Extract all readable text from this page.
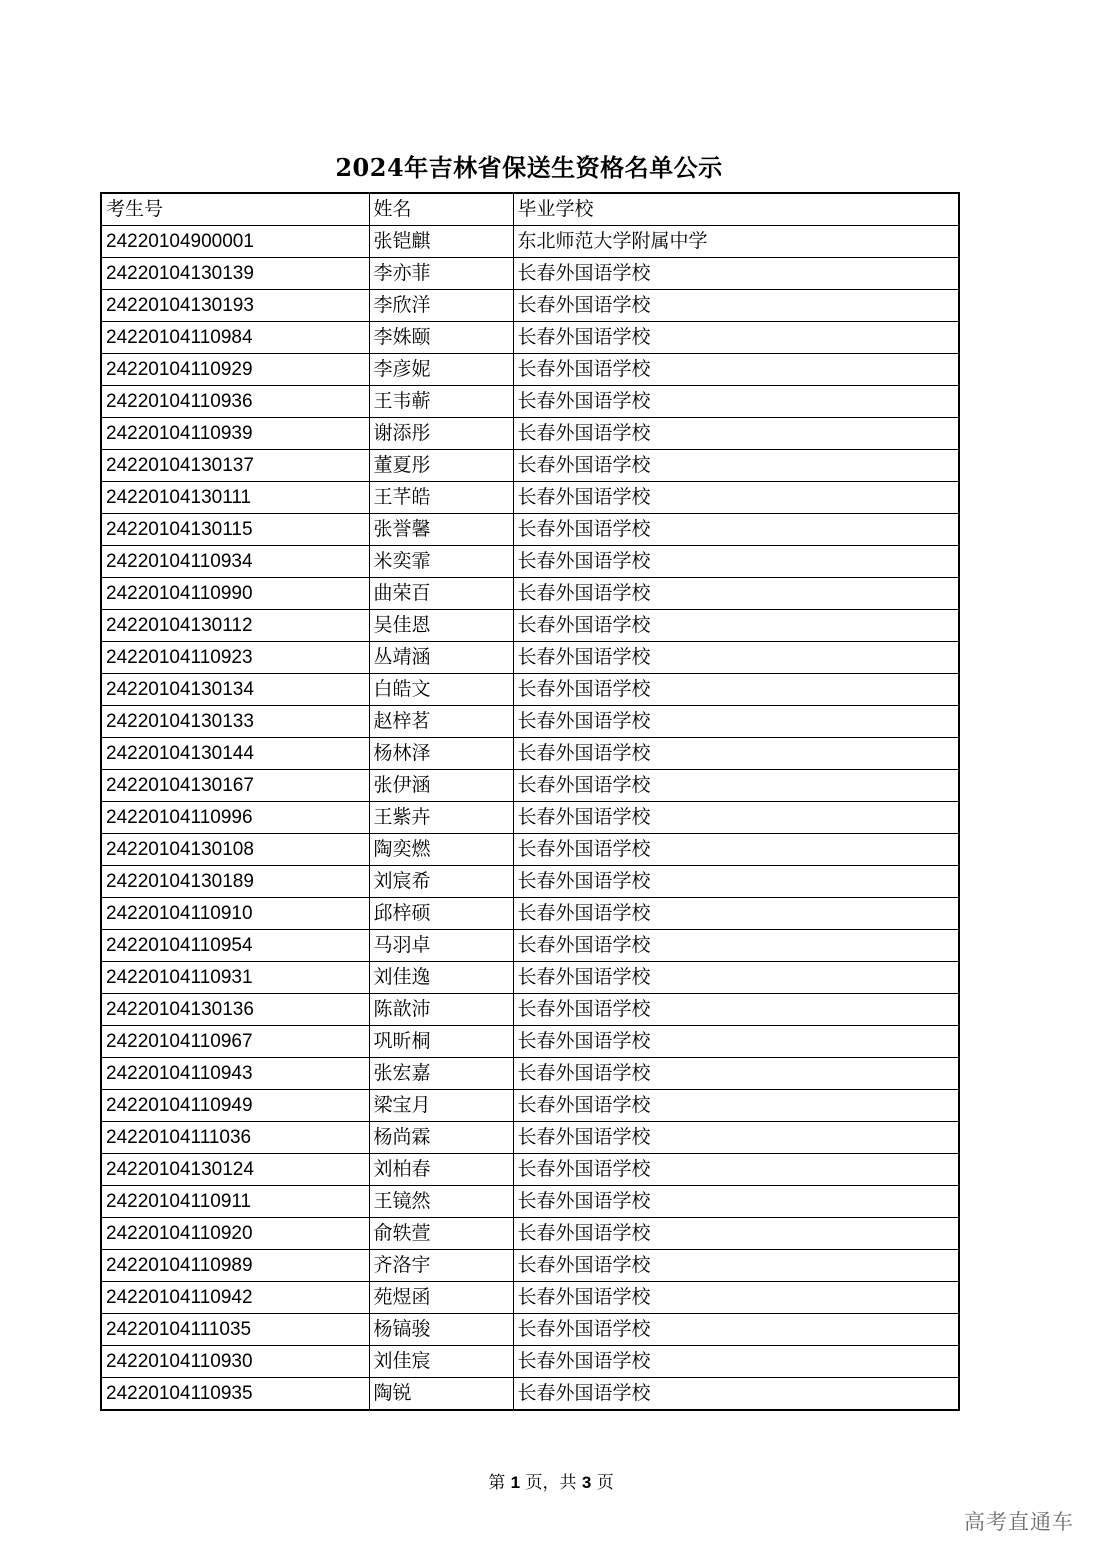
2024年吉林省保送生资格名单公示
考生号	姓名	毕业学校
24220104900001	张铠麒	东北师范大学附属中学
24220104130139	李亦菲	长春外国语学校
24220104130193	李欣洋	长春外国语学校
24220104110984	李姝颐	长春外国语学校
24220104110929	李彦妮	长春外国语学校
24220104110936	王韦蕲	长春外国语学校
24220104110939	谢添彤	长春外国语学校
24220104130137	董夏彤	长春外国语学校
24220104130111	王芊皓	长春外国语学校
24220104130115	张誉馨	长春外国语学校
24220104110934	米奕霏	长春外国语学校
24220104110990	曲荣百	长春外国语学校
24220104130112	吴佳恩	长春外国语学校
24220104110923	丛靖涵	长春外国语学校
24220104130134	白皓文	长春外国语学校
24220104130133	赵梓茗	长春外国语学校
24220104130144	杨林泽	长春外国语学校
24220104130167	张伊涵	长春外国语学校
24220104110996	王紫卉	长春外国语学校
24220104130108	陶奕燃	长春外国语学校
24220104130189	刘宸希	长春外国语学校
24220104110910	邱梓硕	长春外国语学校
24220104110954	马羽卓	长春外国语学校
24220104110931	刘佳逸	长春外国语学校
24220104130136	陈歆沛	长春外国语学校
24220104110967	巩昕桐	长春外国语学校
24220104110943	张宏嘉	长春外国语学校
24220104110949	梁宝月	长春外国语学校
24220104111036	杨尚霖	长春外国语学校
24220104130124	刘柏春	长春外国语学校
24220104110911	王镜然	长春外国语学校
24220104110920	俞轶萱	长春外国语学校
24220104110989	齐洛宇	长春外国语学校
24220104110942	苑煜函	长春外国语学校
24220104111035	杨镐骏	长春外国语学校
24220104110930	刘佳宸	长春外国语学校
24220104110935	陶锐	长春外国语学校
第 1 页，共 3 页
高考直通车
